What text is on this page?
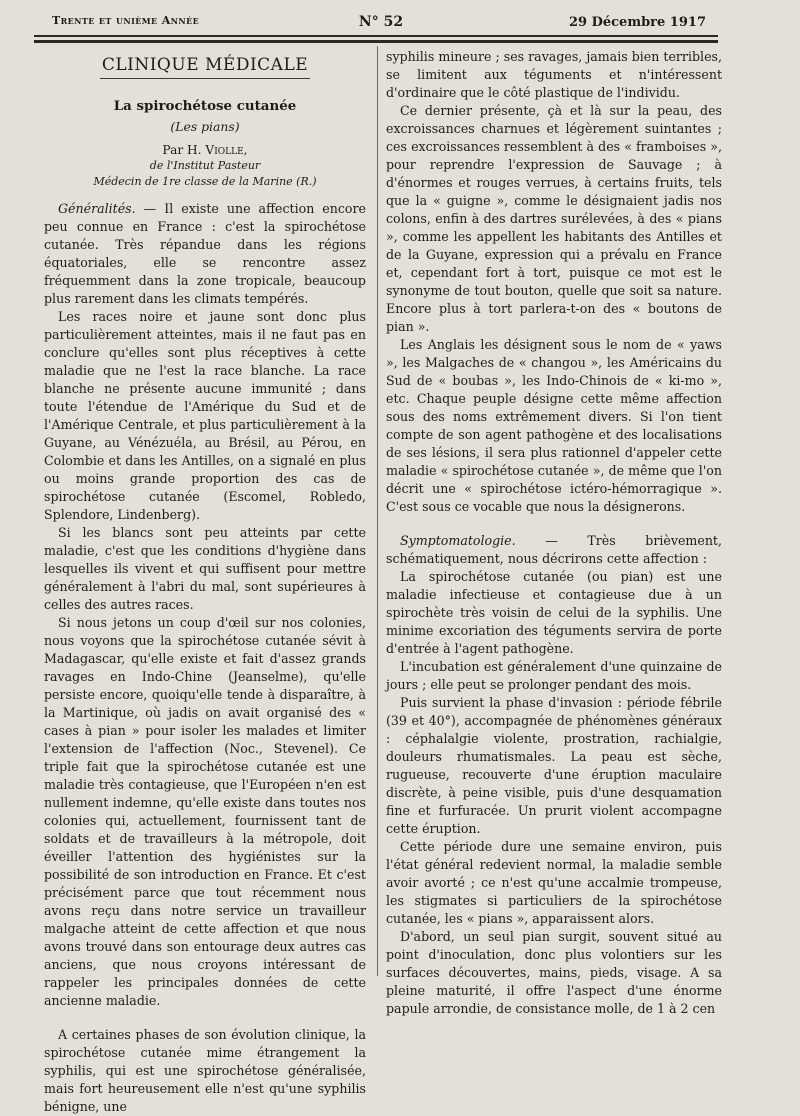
Trente et unième Année	N° 52	29 Décembre 1917
CLINIQUE MÉDICALE
La spirochétose cutanée
(Les pians)
Par H. Violle,
de l'Institut Pasteur
Médecin de 1re classe de la Marine (R.)

Généralités. — Il existe une affection encore peu connue en France : c'est la spirochétose cutanée. Très répandue dans les régions équatoriales, elle se rencontre assez fréquemment dans la zone tropicale, beaucoup plus rarement dans les climats tempérés.

Les races noire et jaune sont donc plus particulièrement atteintes, mais il ne faut pas en conclure qu'elles sont plus réceptives à cette maladie que ne l'est la race blanche. La race blanche ne présente aucune immunité ; dans toute l'étendue de l'Amérique du Sud et de l'Amérique Centrale, et plus particulièrement à la Guyane, au Vénézuéla, au Brésil, au Pérou, en Colombie et dans les Antilles, on a signalé en plus ou moins grande proportion des cas de spirochétose cutanée (Escomel, Robledo, Splendore, Lindenberg).

Si les blancs sont peu atteints par cette maladie, c'est que les conditions d'hygiène dans lesquelles ils vivent et qui suffisent pour mettre généralement à l'abri du mal, sont supérieures à celles des autres races.

Si nous jetons un coup d'œil sur nos colonies, nous voyons que la spirochétose cutanée sévit à Madagascar, qu'elle existe et fait d'assez grands ravages en Indo-Chine (Jeanselme), qu'elle persiste encore, quoiqu'elle tende à disparaître, à la Martinique, où jadis on avait organisé des « cases à pian » pour isoler les malades et limiter l'extension de l'affection (Noc., Stevenel). Ce triple fait que la spirochétose cutanée est une maladie très contagieuse, que l'Européen n'en est nullement indemne, qu'elle existe dans toutes nos colonies qui, actuellement, fournissent tant de soldats et de travailleurs à la métropole, doit éveiller l'attention des hygiénistes sur la possibilité de son introduction en France. Et c'est précisément parce que tout récemment nous avons reçu dans notre service un travailleur malgache atteint de cette affection et que nous avons trouvé dans son entourage deux autres cas anciens, que nous croyons intéressant de rappeler les principales données de cette ancienne maladie.

A certaines phases de son évolution clinique, la spirochétose cutanée mime étrangement la syphilis, qui est une spirochétose généralisée, mais fort heureusement elle n'est qu'une syphilis bénigne, une

syphilis mineure ; ses ravages, jamais bien terribles, se limitent aux téguments et n'intéressent d'ordinaire que le côté plastique de l'individu.

Ce dernier présente, çà et là sur la peau, des excroissances charnues et légèrement suintantes ; ces excroissances ressemblent à des « framboises », pour reprendre l'expression de Sauvage ; à d'énormes et rouges verrues, à certains fruits, tels que la « guigne », comme le désignaient jadis nos colons, enfin à des dartres surélevées, à des « pians », comme les appellent les habitants des Antilles et de la Guyane, expression qui a prévalu en France et, cependant fort à tort, puisque ce mot est le synonyme de tout bouton, quelle que soit sa nature. Encore plus à tort parlera-t-on des « boutons de pian ».

Les Anglais les désignent sous le nom de « yaws », les Malgaches de « changou », les Américains du Sud de « boubas », les Indo-Chinois de « ki-mo », etc. Chaque peuple désigne cette même affection sous des noms extrêmement divers. Si l'on tient compte de son agent pathogène et des localisations de ses lésions, il sera plus rationnel d'appeler cette maladie « spirochétose cutanée », de même que l'on décrit une « spirochétose ictéro-hémorragique ». C'est sous ce vocable que nous la désignerons.

Symptomatologie. — Très brièvement, schématiquement, nous décrirons cette affection :

La spirochétose cutanée (ou pian) est une maladie infectieuse et contagieuse due à un spirochète très voisin de celui de la syphilis. Une minime excoriation des téguments servira de porte d'entrée à l'agent pathogène.

L'incubation est généralement d'une quinzaine de jours ; elle peut se prolonger pendant des mois.

Puis survient la phase d'invasion : période fébrile (39 et 40°), accompagnée de phénomènes généraux : céphalalgie violente, prostration, rachialgie, douleurs rhumatismales. La peau est sèche, rugueuse, recouverte d'une éruption maculaire discrète, à peine visible, puis d'une desquamation fine et furfuracée. Un prurit violent accompagne cette éruption.

Cette période dure une semaine environ, puis l'état général redevient normal, la maladie semble avoir avorté ; ce n'est qu'une accalmie trompeuse, les stigmates si particuliers de la spirochétose cutanée, les « pians », apparaissent alors.

D'abord, un seul pian surgit, souvent situé au point d'inoculation, donc plus volontiers sur les surfaces découvertes, mains, pieds, visage. A sa pleine maturité, il offre l'aspect d'une énorme papule arrondie, de consistance molle, de 1 à 2 cen
